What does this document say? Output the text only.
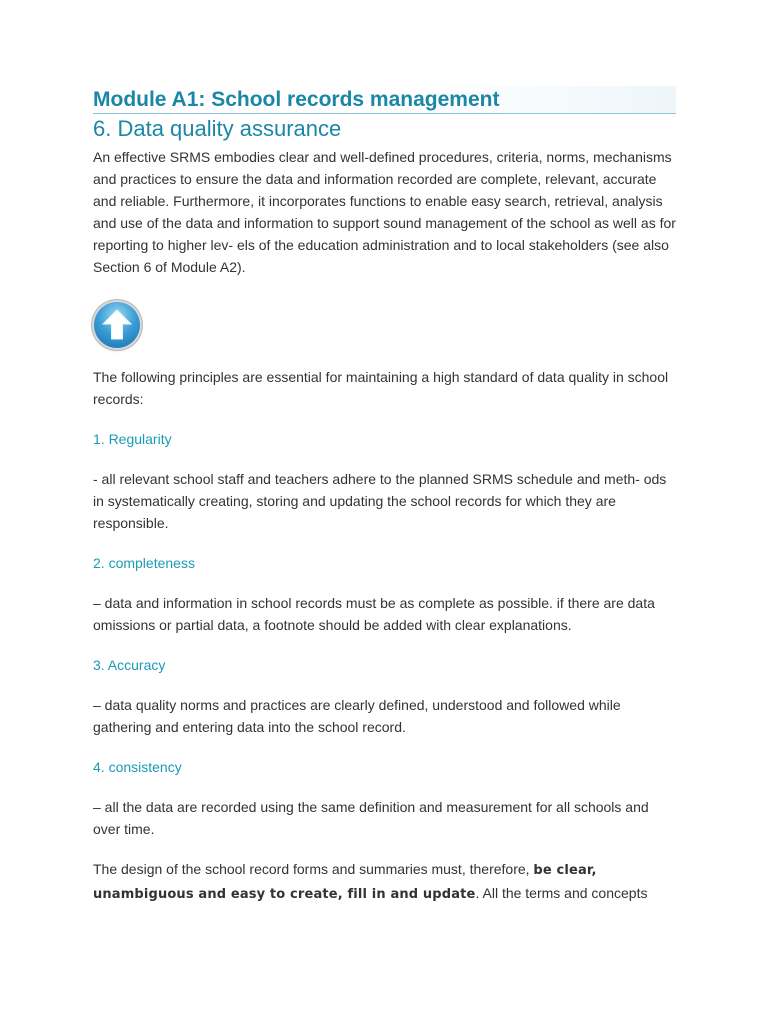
Module A1: School records management
6. Data quality assurance

An effective SRMS embodies clear and well-defined procedures, criteria, norms, mechanisms and practices to ensure the data and information recorded are complete, relevant, accurate and reliable. Furthermore, it incorporates functions to enable easy search, retrieval, analysis and use of the data and information to support sound management of the school as well as for reporting to higher lev- els of the education administration and to local stakeholders (see also Section 6 of Module A2).

The following principles are essential for maintaining a high standard of data quality in school records:

1. Regularity

- all relevant school staff and teachers adhere to the planned SRMS schedule and meth- ods in systematically creating, storing and updating the school records for which they are responsible.

2. completeness

– data and information in school records must be as complete as possible. if there are data omissions or partial data, a footnote should be added with clear explanations.

3. Accuracy

– data quality norms and practices are clearly defined, understood and followed while gathering and entering data into the school record.

4. consistency

– all the data are recorded using the same definition and measurement for all schools and over time.

The design of the school record forms and summaries must, therefore, be clear, unambiguous and easy to create, fill in and update. All the terms and concepts
